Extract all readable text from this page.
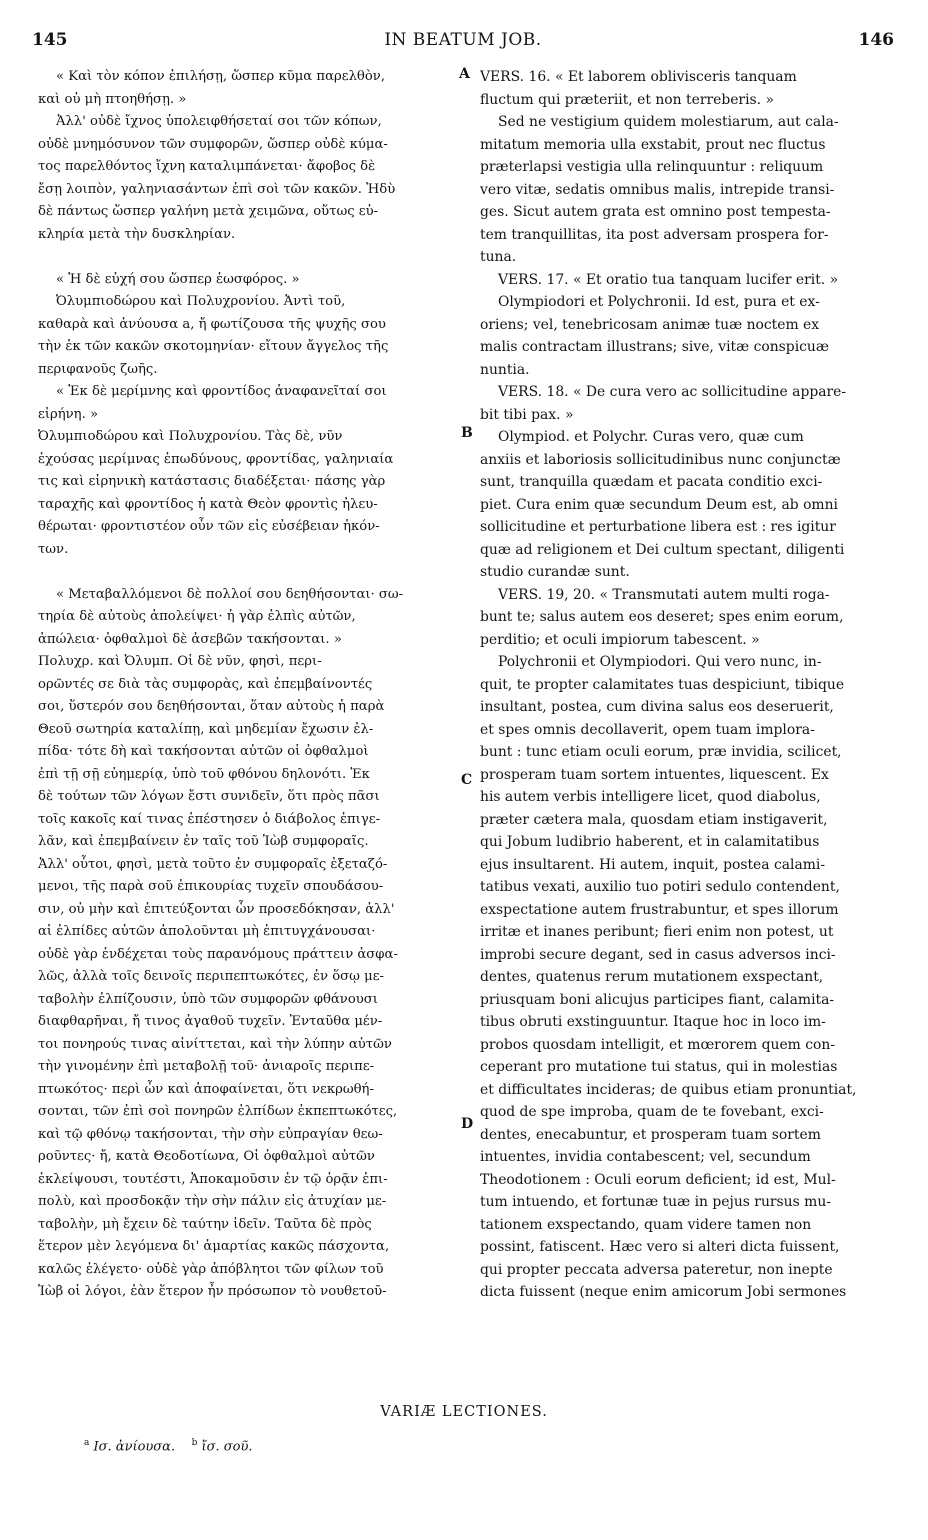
145	IN BEATUM JOB.	146
« Καὶ τὸν κόπον ἐπιλήσῃ, ὥσπερ κῦμα παρελθὸν,
καὶ οὐ μὴ πτοηθήσῃ. »
Ἀλλ' οὐδὲ ἴχνος ὑπολειφθήσεταί σοι τῶν κόπων,
οὐδὲ μνημόσυνον τῶν συμφορῶν, ὥσπερ οὐδὲ κύμα-
τος παρελθόντος ἴχνη καταλιμπάνεται· ἄφοβος δὲ
ἔσῃ λοιπὸν, γαληνιασάντων ἐπὶ σοὶ τῶν κακῶν. Ἡδὺ
δὲ πάντως ὥσπερ γαλήνη μετὰ χειμῶνα, οὕτως εὐ-
κληρία μετὰ τὴν δυσκληρίαν.
« Ἡ δὲ εὐχή σου ὥσπερ ἑωσφόρος. »
Ὀλυμπιοδώρου καὶ Πολυχρονίου. Ἀντὶ τοῦ,
καθαρὰ καὶ ἀνύουσα a, ἤ φωτίζουσα τῆς ψυχῆς σου
τὴν ἐκ τῶν κακῶν σκοτομηνίαν· εἴτουν ἄγγελος τῆς
περιφανοῦς ζωῆς.
« Ἐκ δὲ μερίμνης καὶ φροντίδος ἀναφανεῖταί σοι
εἰρήνη. »
Ὀλυμπιοδώρου καὶ Πολυχρονίου. Τὰς δὲ, νῦν
ἐχούσας μερίμνας ἐπωδύνους, φροντίδας, γαληνιαία
τις καὶ εἰρηνικὴ κατάστασις διαδέξεται· πάσης γὰρ
ταραχῆς καὶ φροντίδος ἡ κατὰ Θεὸν φροντὶς ἠλευ-
θέρωται· φροντιστέον οὖν τῶν εἰς εὐσέβειαν ἡκόν-
των.
« Μεταβαλλόμενοι δὲ πολλοί σου δεηθήσονται· σω-
τηρία δὲ αὐτοὺς ἀπολείψει· ἡ γὰρ ἐλπὶς αὐτῶν,
ἀπώλεια· ὀφθαλμοὶ δὲ ἀσεβῶν τακήσονται. »
Πολυχρ. καὶ Ὀλυμπ. Οἱ δὲ νῦν, φησὶ, περι-
ορῶντές σε διὰ τὰς συμφορὰς, καὶ ἐπεμβαίνοντές
σοι, ὕστερόν σου δεηθήσονται, ὅταν αὐτοὺς ἡ παρὰ
Θεοῦ σωτηρία καταλίπῃ, καὶ μηδεμίαν ἔχωσιν ἐλ-
πίδα· τότε δὴ καὶ τακήσονται αὐτῶν οἱ ὀφθαλμοὶ
ἐπὶ τῇ σῇ εὐημερίᾳ, ὑπὸ τοῦ φθόνου δηλονότι. Ἐκ
δὲ τούτων τῶν λόγων ἔστι συνιδεῖν, ὅτι πρὸς πᾶσι
τοῖς κακοῖς καί τινας ἐπέστησεν ὁ διάβολος ἐπιγε-
λᾶν, καὶ ἐπεμβαίνειν ἐν ταῖς τοῦ Ἰὼβ συμφοραῖς.
Ἀλλ' οὗτοι, φησὶ, μετὰ τοῦτο ἐν συμφοραῖς ἐξεταζό-
μενοι, τῆς παρὰ σοῦ ἐπικουρίας τυχεῖν σπουδάσου-
σιν, οὐ μὴν καὶ ἐπιτεύξονται ὧν προσεδόκησαν, ἀλλ'
αἱ ἐλπίδες αὐτῶν ἀπολοῦνται μὴ ἐπιτυγχάνουσαι·
οὐδὲ γὰρ ἐνδέχεται τοὺς παρανόμους πράττειν ἀσφα-
λῶς, ἀλλὰ τοῖς δεινοῖς περιπεπτωκότες, ἐν ὅσῳ με-
ταβολὴν ἐλπίζουσιν, ὑπὸ τῶν συμφορῶν φθάνουσι
διαφθαρῆναι, ἤ τινος ἀγαθοῦ τυχεῖν. Ἐνταῦθα μέν-
τοι πονηρούς τινας αἰνίττεται, καὶ τὴν λύπην αὐτῶν
τὴν γινομένην ἐπὶ μεταβολῇ τοῦ· ἀνιαροῖς περιπε-
πτωκότος· περὶ ὧν καὶ ἀποφαίνεται, ὅτι νεκρωθή-
σονται, τῶν ἐπὶ σοὶ πονηρῶν ἐλπίδων ἐκπεπτωκότες,
καὶ τῷ φθόνῳ τακήσονται, τὴν σὴν εὐπραγίαν θεω-
ροῦντες· ἤ, κατὰ Θεοδοτίωνα, Οἱ ὀφθαλμοὶ αὐτῶν
ἐκλείψουσι, τουτέστι, Ἀποκαμοῦσιν ἐν τῷ ὁρᾷν ἐπι-
πολὺ, καὶ προσδοκᾷν τὴν σὴν πάλιν εἰς ἀτυχίαν με-
ταβολὴν, μὴ ἔχειν δὲ ταύτην ἰδεῖν. Ταῦτα δὲ πρὸς
ἕτερον μὲν λεγόμενα δι' ἁμαρτίας κακῶς πάσχοντα,
καλῶς ἐλέγετο· οὐδὲ γὰρ ἀπόβλητοι τῶν φίλων τοῦ
Ἰὼβ οἱ λόγοι, ἐὰν ἕτερον ἦν πρόσωπον τὸ νουθετοῦ-
VERS. 16. « Et laborem oblivisceris tanquam
fluctum qui præteriit, et non terreberis. »
Sed ne vestigium quidem molestiarum, aut cala-
mitatum memoria ulla exstabit, prout nec fluctus
præterlapsi vestigia ulla relinquuntur : reliquum
vero vitæ, sedatis omnibus malis, intrepide transi-
ges. Sicut autem grata est omnino post tempesta-
tem tranquillitas, ita post adversam prospera for-
tuna.
VERS. 17. « Et oratio tua tanquam lucifer erit. »
Olympiodori et Polychronii. Id est, pura et ex-
oriens; vel, tenebricosam animæ tuæ noctem ex
malis contractam illustrans; sive, vitæ conspicuæ
nuntia.
VERS. 18. « De cura vero ac sollicitudine appare-
bit tibi pax. »
Olympiod. et Polychr. Curas vero, quæ cum
anxiis et laboriosis sollicitudinibus nunc conjunctæ
sunt, tranquilla quædam et pacata conditio exci-
piet. Cura enim quæ secundum Deum est, ab omni
sollicitudine et perturbatione libera est : res igitur
quæ ad religionem et Dei cultum spectant, diligenti
studio curandæ sunt.
VERS. 19, 20. « Transmutati autem multi roga-
bunt te; salus autem eos deseret; spes enim eorum,
perditio; et oculi impiorum tabescent. »
Polychronii et Olympiodori. Qui vero nunc, in-
quit, te propter calamitates tuas despiciunt, tibique
insultant, postea, cum divina salus eos deseruerit,
et spes omnis decollaverit, opem tuam implora-
bunt : tunc etiam oculi eorum, præ invidia, scilicet,
prosperam tuam sortem intuentes, liquescent. Ex
his autem verbis intelligere licet, quod diabolus,
præter cætera mala, quosdam etiam instigaverit,
qui Jobum ludibrio haberent, et in calamitatibus
ejus insultarent. Hi autem, inquit, postea calami-
tatibus vexati, auxilio tuo potiri sedulo contendent,
exspectatione autem frustrabuntur, et spes illorum
irritæ et inanes peribunt; fieri enim non potest, ut
improbi secure degant, sed in casus adversos inci-
dentes, quatenus rerum mutationem exspectant,
priusquam boni alicujus participes fiant, calamita-
tibus obruti exstinguuntur. Itaque hoc in loco im-
probos quosdam intelligit, et mœrorem quem con-
ceperant pro mutatione tui status, qui in molestias
et difficultates incideras; de quibus etiam pronuntiat,
quod de spe improba, quam de te fovebant, exci-
dentes, enecabuntur, et prosperam tuam sortem
intuentes, invidia contabescent; vel, secundum
Theodotionem : Oculi eorum deficient; id est, Mul-
tum intuendo, et fortunæ tuæ in pejus rursus mu-
tationem exspectando, quam videre tamen non
possint, fatiscent. Hæc vero si alteri dicta fuissent,
qui propter peccata adversa pateretur, non inepte
dicta fuissent (neque enim amicorum Jobi sermones
A
B
C
D
VARIÆ LECTIONES.
$^a$ Ισ. ἀνίουσα. $^b$ ἴσ. σοῦ.
